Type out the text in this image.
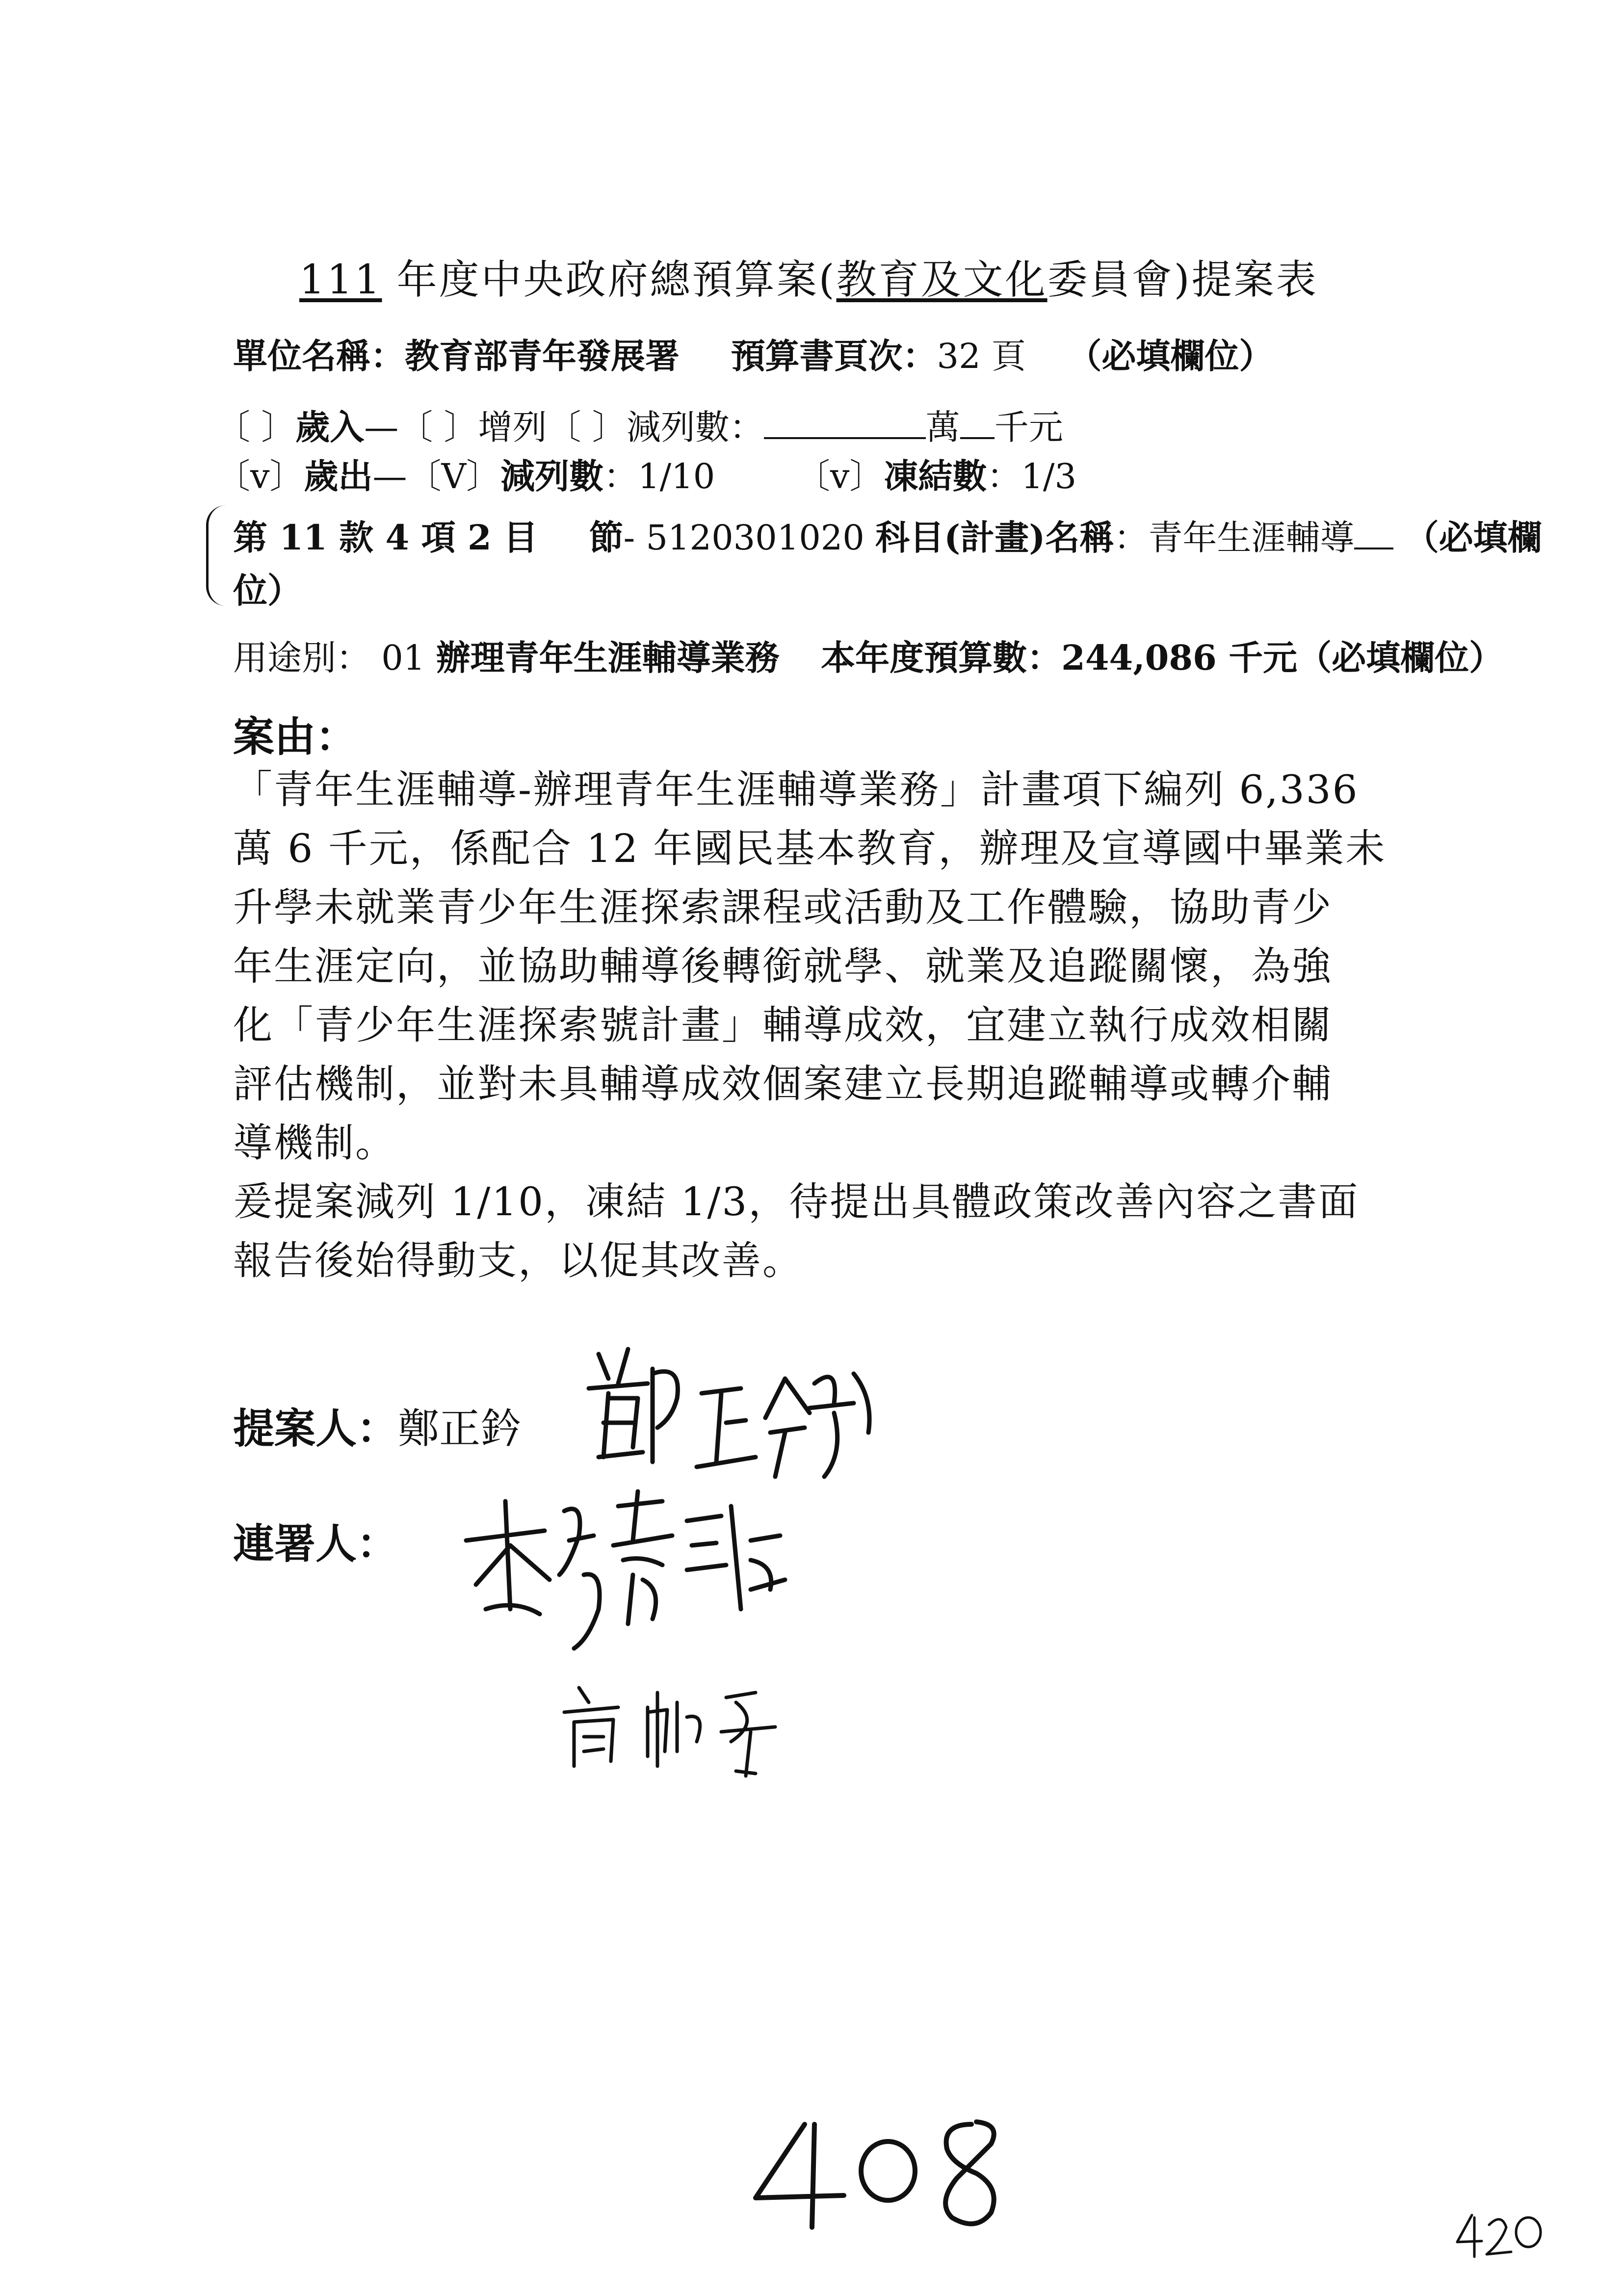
111 年度中央政府總預算案(教育及文化委員會)提案表
單位名稱：教育部青年發展署 預算書頁次：32 頁 （必填欄位）
〔 〕歲入—〔 〕增列〔 〕減列數：	萬 千元
〔v〕歲出—〔V〕減列數：1/10 〔v〕凍結數：1/3
第 11 款 4 項 2 目 節- 5120301020 科目(計畫)名稱：青年生涯輔導 （必填欄
位）
用途別： 01 辦理青年生涯輔導業務 本年度預算數：244,086 千元（必填欄位）
案由：
「青年生涯輔導-辦理青年生涯輔導業務」計畫項下編列 6,336
萬 6 千元，係配合 12 年國民基本教育，辦理及宣導國中畢業未
升學未就業青少年生涯探索課程或活動及工作體驗，協助青少
年生涯定向，並協助輔導後轉銜就學、就業及追蹤關懷，為強
化「青少年生涯探索號計畫」輔導成效，宜建立執行成效相關
評估機制，並對未具輔導成效個案建立長期追蹤輔導或轉介輔
導機制。
爰提案減列 1/10，凍結 1/3，待提出具體政策改善內容之書面
報告後始得動支，以促其改善。
提案人：鄭正鈐
連署人：
